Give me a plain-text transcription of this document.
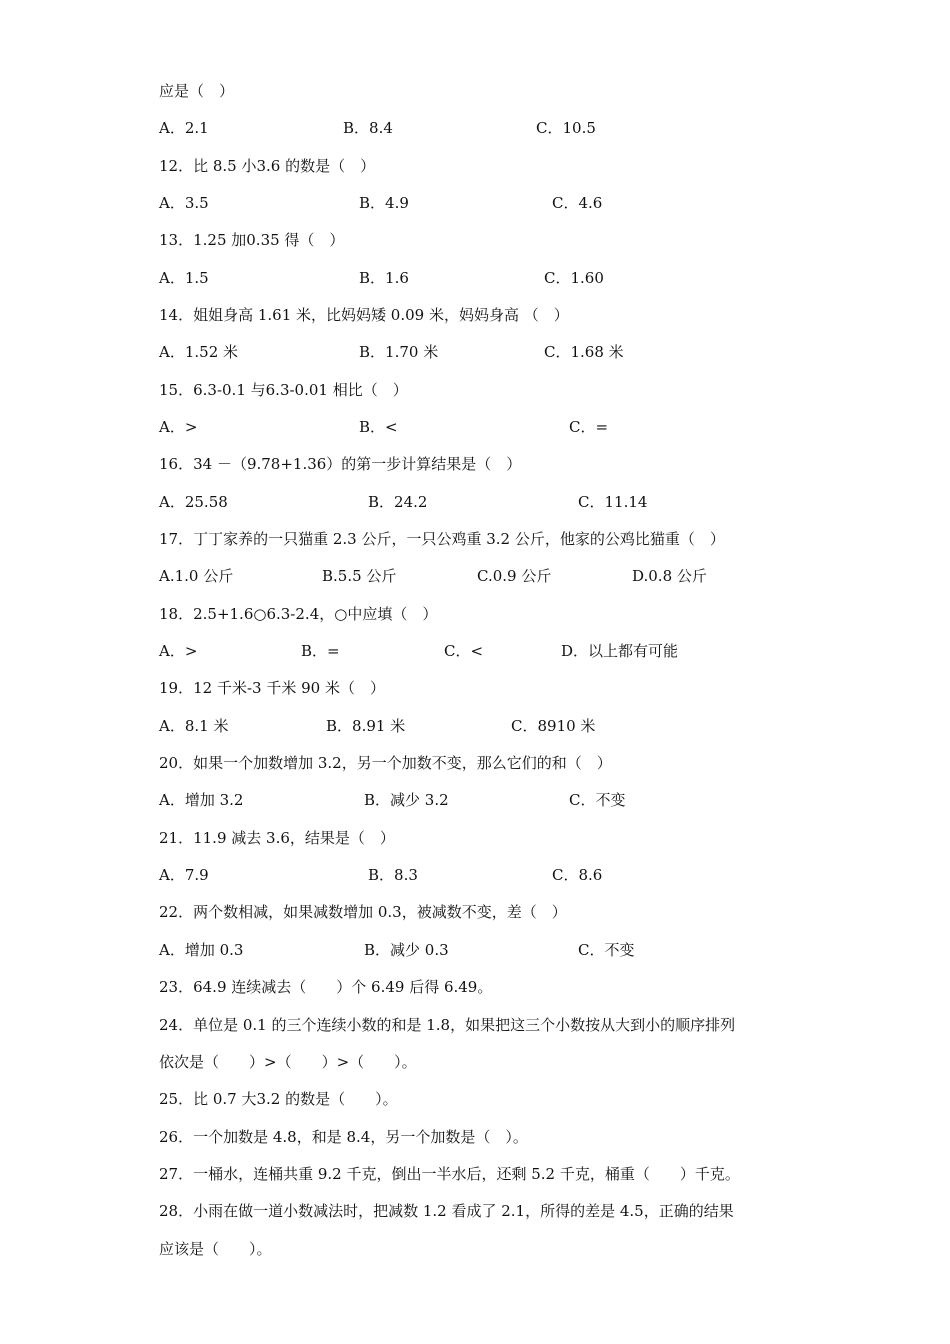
应是（　）
A．2.1	B．8.4	C．10.5
12．比 8.5 小3.6 的数是（　）
A．3.5	B．4.9	C．4.6
13．1.25 加0.35 得（　）
A．1.5	B．1.6	C．1.60
14．姐姐身高 1.61 米，比妈妈矮 0.09 米，妈妈身高 （　）
A．1.52 米	B．1.70 米	C．1.68 米
15．6.3-0.1 与6.3-0.01 相比（　）
A．>	B．<	C．=
16．34 －（9.78+1.36）的第一步计算结果是（　）
A．25.58	B．24.2	C．11.14
17．丁丁家养的一只猫重 2.3 公斤，一只公鸡重 3.2 公斤，他家的公鸡比猫重（　）
A.1.0 公斤	B.5.5 公斤	C.0.9 公斤	D.0.8 公斤
18．2.5+1.6○6.3-2.4，○中应填（　）
A．>	B．=	C．<	D．以上都有可能
19．12 千米-3 千米 90 米（　）
A．8.1 米	B．8.91 米	C．8910 米
20．如果一个加数增加 3.2，另一个加数不变，那么它们的和（　）
A．增加 3.2	B．减少 3.2	C．不变
21．11.9 减去 3.6，结果是（　）
A．7.9	B．8.3	C．8.6
22．两个数相减，如果减数增加 0.3，被减数不变，差（　）
A．增加 0.3	B．减少 0.3	C．不变
23．64.9 连续减去（　　）个 6.49 后得 6.49。
24．单位是 0.1 的三个连续小数的和是 1.8，如果把这三个小数按从大到小的顺序排列
依次是（　　）>（　　）>（　　）。
25．比 0.7 大3.2 的数是（　　）。
26．一个加数是 4.8，和是 8.4，另一个加数是（　）。
27．一桶水，连桶共重 9.2 千克，倒出一半水后，还剩 5.2 千克，桶重（　　）千克。
28．小雨在做一道小数减法时，把减数 1.2 看成了 2.1，所得的差是 4.5，正确的结果
应该是（　　）。
